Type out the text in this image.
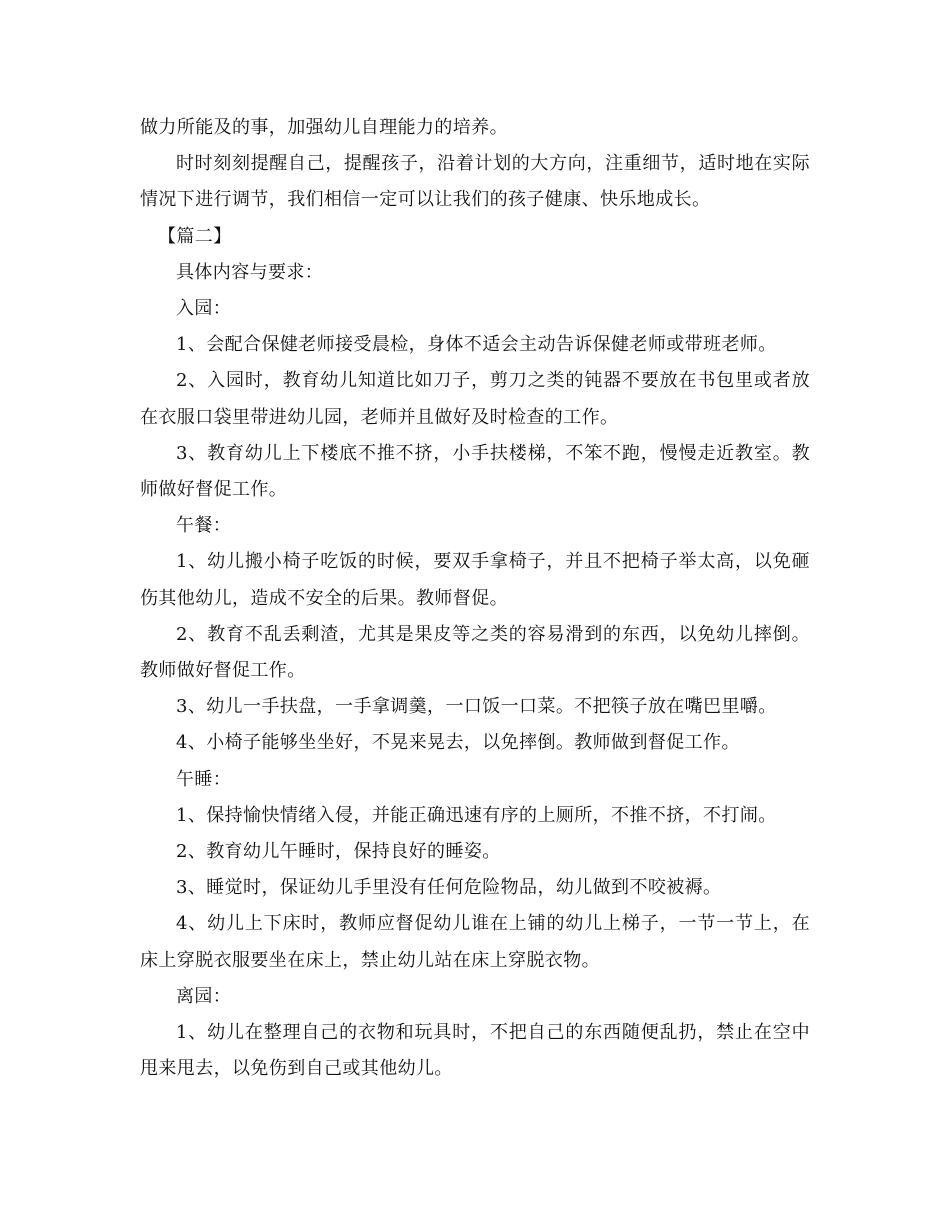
做力所能及的事，加强幼儿自理能力的培养。

时时刻刻提醒自己，提醒孩子，沿着计划的大方向，注重细节，适时地在实际情况下进行调节，我们相信一定可以让我们的孩子健康、快乐地成长。

【篇二】

具体内容与要求：

入园：

1、会配合保健老师接受晨检，身体不适会主动告诉保健老师或带班老师。

2、入园时，教育幼儿知道比如刀子，剪刀之类的钝器不要放在书包里或者放在衣服口袋里带进幼儿园，老师并且做好及时检查的工作。

3、教育幼儿上下楼底不推不挤，小手扶楼梯，不笨不跑，慢慢走近教室。教师做好督促工作。

午餐：

1、幼儿搬小椅子吃饭的时候，要双手拿椅子，并且不把椅子举太高，以免砸伤其他幼儿，造成不安全的后果。教师督促。

2、教育不乱丢剩渣，尤其是果皮等之类的容易滑到的东西，以免幼儿摔倒。教师做好督促工作。

3、幼儿一手扶盘，一手拿调羹，一口饭一口菜。不把筷子放在嘴巴里嚼。

4、小椅子能够坐坐好，不晃来晃去，以免摔倒。教师做到督促工作。

午睡：

1、保持愉快情绪入侵，并能正确迅速有序的上厕所，不推不挤，不打闹。

2、教育幼儿午睡时，保持良好的睡姿。

3、睡觉时，保证幼儿手里没有任何危险物品，幼儿做到不咬被褥。

4、幼儿上下床时，教师应督促幼儿谁在上铺的幼儿上梯子，一节一节上，在床上穿脱衣服要坐在床上，禁止幼儿站在床上穿脱衣物。

离园：

1、幼儿在整理自己的衣物和玩具时，不把自己的东西随便乱扔，禁止在空中甩来甩去，以免伤到自己或其他幼儿。
